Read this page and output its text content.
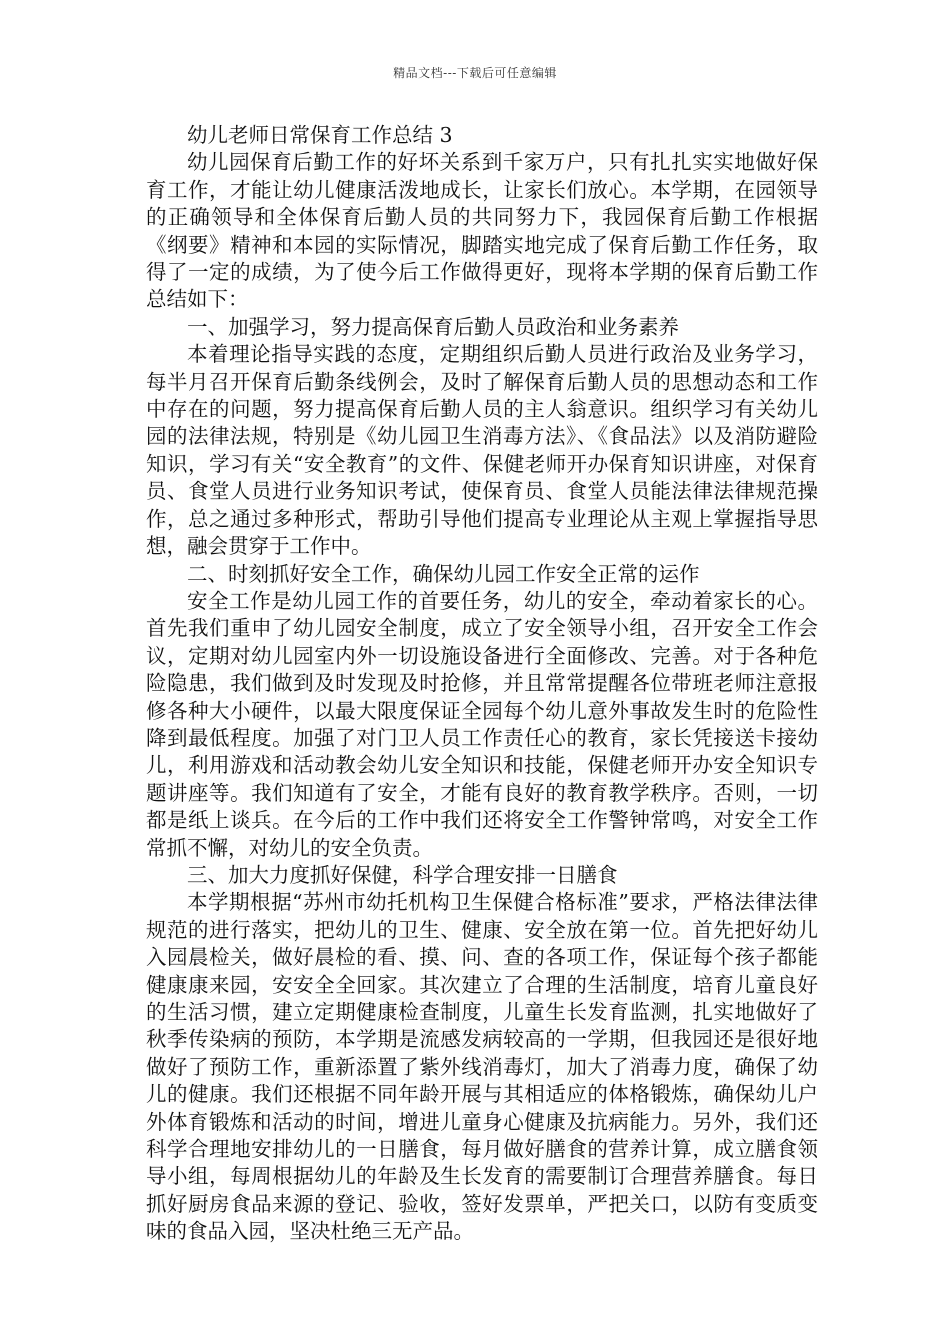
精品文档---下载后可任意编辑

幼儿老师日常保育工作总结 3

幼儿园保育后勤工作的好坏关系到千家万户，只有扎扎实实地做好保育工作，才能让幼儿健康活泼地成长，让家长们放心。本学期，在园领导的正确领导和全体保育后勤人员的共同努力下，我园保育后勤工作根据《纲要》精神和本园的实际情况，脚踏实地完成了保育后勤工作任务，取得了一定的成绩，为了使今后工作做得更好，现将本学期的保育后勤工作总结如下：

一、加强学习，努力提高保育后勤人员政治和业务素养

本着理论指导实践的态度，定期组织后勤人员进行政治及业务学习，每半月召开保育后勤条线例会，及时了解保育后勤人员的思想动态和工作中存在的问题，努力提高保育后勤人员的主人翁意识。组织学习有关幼儿园的法律法规，特别是《幼儿园卫生消毒方法》、《食品法》以及消防避险知识，学习有关“安全教育”的文件、保健老师开办保育知识讲座，对保育员、食堂人员进行业务知识考试，使保育员、食堂人员能法律法律规范操作，总之通过多种形式，帮助引导他们提高专业理论从主观上掌握指导思想，融会贯穿于工作中。

二、时刻抓好安全工作，确保幼儿园工作安全正常的运作

安全工作是幼儿园工作的首要任务，幼儿的安全，牵动着家长的心。首先我们重申了幼儿园安全制度，成立了安全领导小组，召开安全工作会议，定期对幼儿园室内外一切设施设备进行全面修改、完善。对于各种危险隐患，我们做到及时发现及时抢修，并且常常提醒各位带班老师注意报修各种大小硬件，以最大限度保证全园每个幼儿意外事故发生时的危险性降到最低程度。加强了对门卫人员工作责任心的教育，家长凭接送卡接幼儿，利用游戏和活动教会幼儿安全知识和技能，保健老师开办安全知识专题讲座等。我们知道有了安全，才能有良好的教育教学秩序。否则，一切都是纸上谈兵。在今后的工作中我们还将安全工作警钟常鸣，对安全工作常抓不懈，对幼儿的安全负责。

三、加大力度抓好保健，科学合理安排一日膳食

本学期根据“苏州市幼托机构卫生保健合格标准”要求，严格法律法律规范的进行落实，把幼儿的卫生、健康、安全放在第一位。首先把好幼儿入园晨检关，做好晨检的看、摸、问、查的各项工作，保证每个孩子都能健康康来园，安安全全回家。其次建立了合理的生活制度，培育儿童良好的生活习惯，建立定期健康检查制度，儿童生长发育监测，扎实地做好了秋季传染病的预防，本学期是流感发病较高的一学期，但我园还是很好地做好了预防工作，重新添置了紫外线消毒灯，加大了消毒力度，确保了幼儿的健康。我们还根据不同年龄开展与其相适应的体格锻炼，确保幼儿户外体育锻炼和活动的时间，增进儿童身心健康及抗病能力。另外，我们还科学合理地安排幼儿的一日膳食，每月做好膳食的营养计算，成立膳食领导小组，每周根据幼儿的年龄及生长发育的需要制订合理营养膳食。每日抓好厨房食品来源的登记、验收，签好发票单，严把关口，以防有变质变味的食品入园，坚决杜绝三无产品。
